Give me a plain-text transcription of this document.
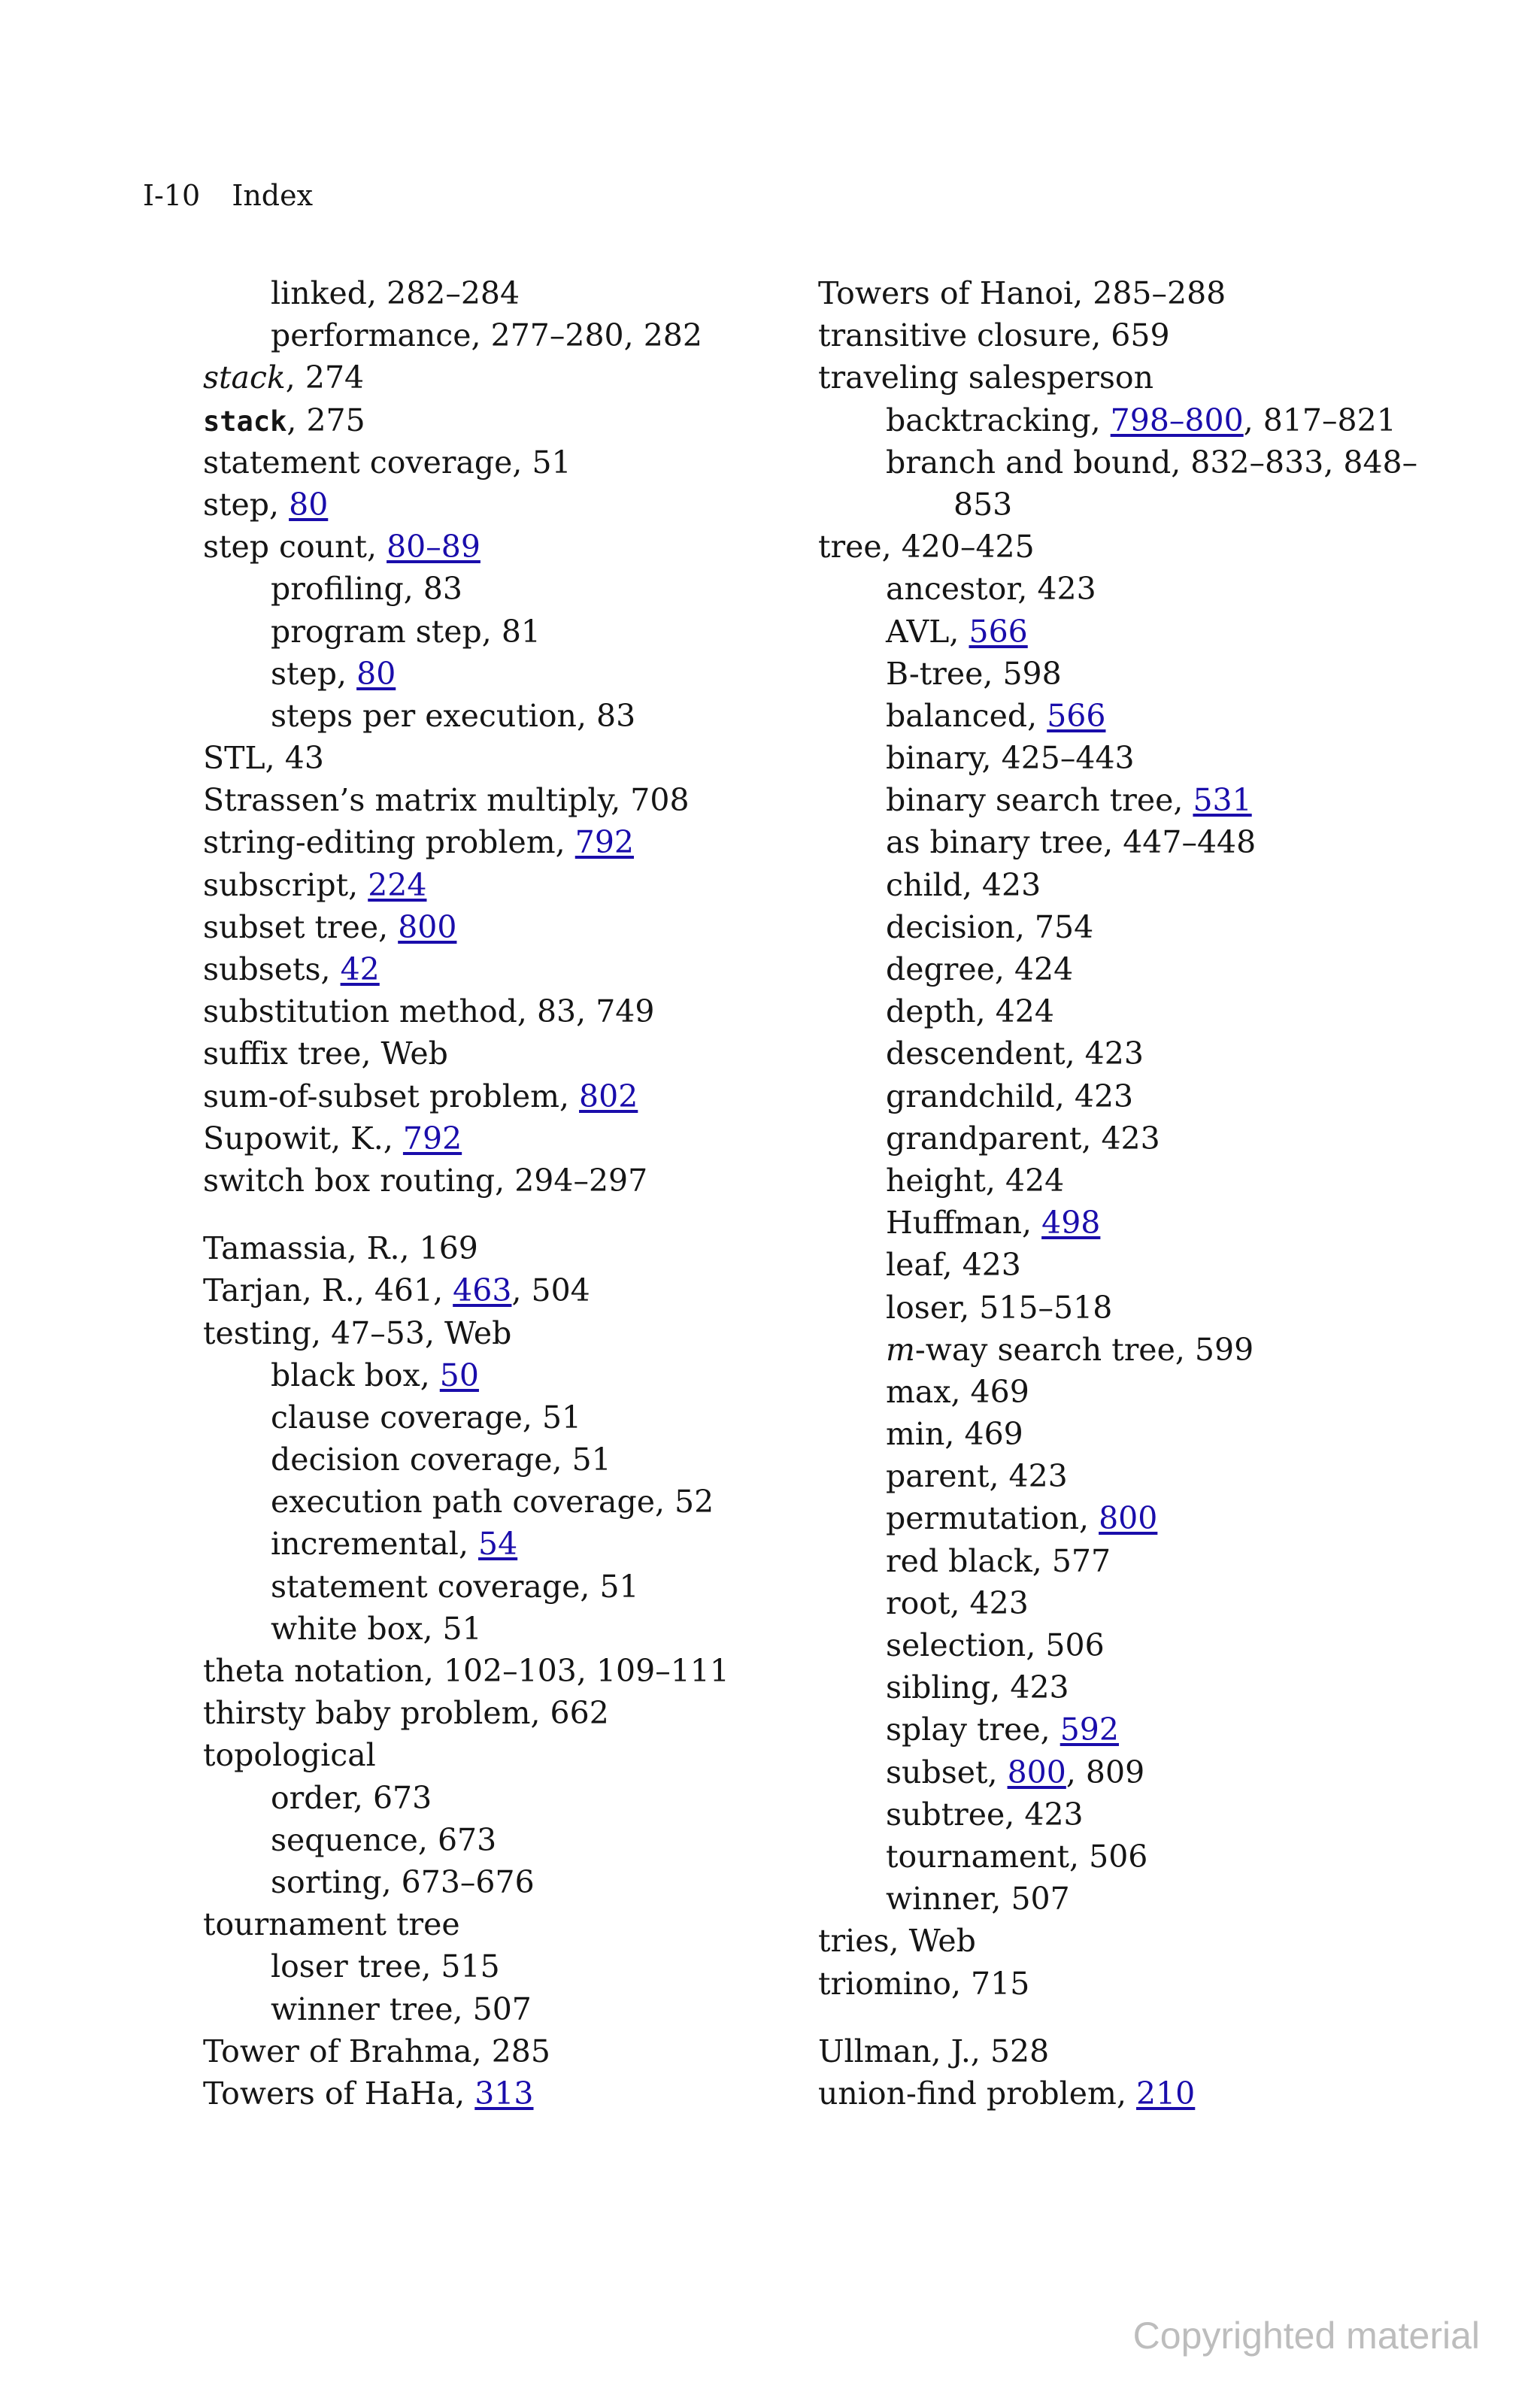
I-10 Index
linked, 282–284
performance, 277–280, 282
stack, 274
stack, 275
statement coverage, 51
step, 80
step count, 80–89
profiling, 83
program step, 81
step, 80
steps per execution, 83
STL, 43
Strassen’s matrix multiply, 708
string-editing problem, 792
subscript, 224
subset tree, 800
subsets, 42
substitution method, 83, 749
suffix tree, Web
sum-of-subset problem, 802
Supowit, K., 792
switch box routing, 294–297
Tamassia, R., 169
Tarjan, R., 461, 463, 504
testing, 47–53, Web
black box, 50
clause coverage, 51
decision coverage, 51
execution path coverage, 52
incremental, 54
statement coverage, 51
white box, 51
theta notation, 102–103, 109–111
thirsty baby problem, 662
topological
order, 673
sequence, 673
sorting, 673–676
tournament tree
loser tree, 515
winner tree, 507
Tower of Brahma, 285
Towers of HaHa, 313
Towers of Hanoi, 285–288
transitive closure, 659
traveling salesperson
backtracking, 798–800, 817–821
branch and bound, 832–833, 848–
853
tree, 420–425
ancestor, 423
AVL, 566
B-tree, 598
balanced, 566
binary, 425–443
binary search tree, 531
as binary tree, 447–448
child, 423
decision, 754
degree, 424
depth, 424
descendent, 423
grandchild, 423
grandparent, 423
height, 424
Huffman, 498
leaf, 423
loser, 515–518
m-way search tree, 599
max, 469
min, 469
parent, 423
permutation, 800
red black, 577
root, 423
selection, 506
sibling, 423
splay tree, 592
subset, 800, 809
subtree, 423
tournament, 506
winner, 507
tries, Web
triomino, 715
Ullman, J., 528
union-find problem, 210
Copyrighted material
